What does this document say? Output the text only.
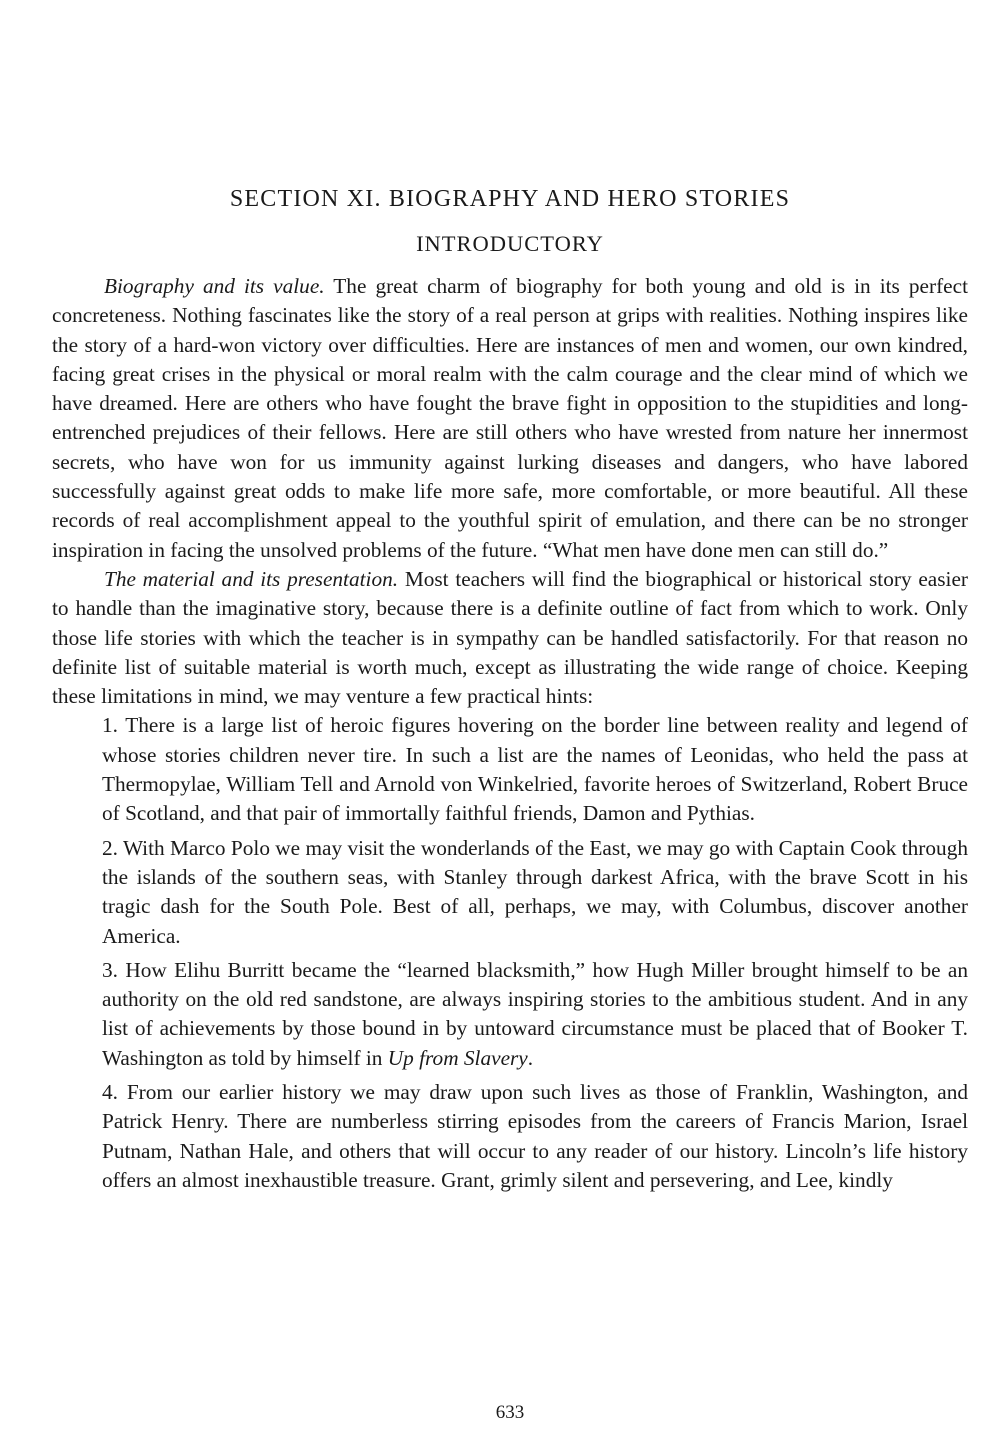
SECTION XI. BIOGRAPHY AND HERO STORIES
INTRODUCTORY

Biography and its value. The great charm of biography for both young and old is in its perfect concreteness. Nothing fascinates like the story of a real person at grips with realities. Nothing inspires like the story of a hard-won victory over difficulties. Here are instances of men and women, our own kindred, facing great crises in the physical or moral realm with the calm courage and the clear mind of which we have dreamed. Here are others who have fought the brave fight in opposition to the stupidities and long-entrenched prejudices of their fellows. Here are still others who have wrested from nature her innermost secrets, who have won for us immunity against lurking diseases and dangers, who have labored successfully against great odds to make life more safe, more comfortable, or more beautiful. All these records of real accomplishment appeal to the youthful spirit of emulation, and there can be no stronger inspiration in facing the unsolved problems of the future. “What men have done men can still do.”

The material and its presentation. Most teachers will find the biographical or historical story easier to handle than the imaginative story, because there is a definite outline of fact from which to work. Only those life stories with which the teacher is in sympathy can be handled satisfactorily. For that reason no definite list of suitable material is worth much, except as illustrating the wide range of choice. Keeping these limitations in mind, we may venture a few practical hints:

1. There is a large list of heroic figures hovering on the border line between reality and legend of whose stories children never tire. In such a list are the names of Leonidas, who held the pass at Thermopylae, William Tell and Arnold von Winkelried, favorite heroes of Switzerland, Robert Bruce of Scotland, and that pair of immortally faithful friends, Damon and Pythias.

2. With Marco Polo we may visit the wonderlands of the East, we may go with Captain Cook through the islands of the southern seas, with Stanley through darkest Africa, with the brave Scott in his tragic dash for the South Pole. Best of all, perhaps, we may, with Columbus, discover another America.

3. How Elihu Burritt became the “learned blacksmith,” how Hugh Miller brought himself to be an authority on the old red sandstone, are always inspiring stories to the ambitious student. And in any list of achievements by those bound in by untoward circumstance must be placed that of Booker T. Washington as told by himself in Up from Slavery.

4. From our earlier history we may draw upon such lives as those of Franklin, Washington, and Patrick Henry. There are numberless stirring episodes from the careers of Francis Marion, Israel Putnam, Nathan Hale, and others that will occur to any reader of our history. Lincoln’s life history offers an almost inexhaustible treasure. Grant, grimly silent and persevering, and Lee, kindly

633
